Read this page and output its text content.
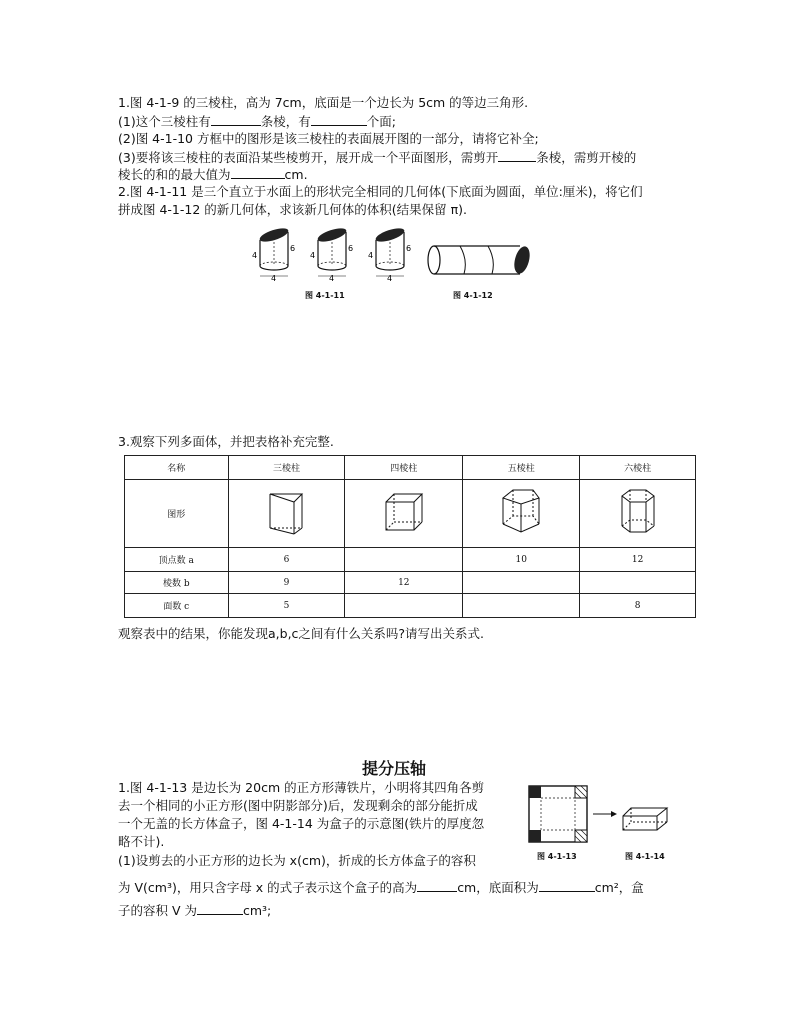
1.图 4-1-9 的三棱柱，高为 7cm，底面是一个边长为 5cm 的等边三角形.
(1)这个三棱柱有	条棱，有	个面;
(2)图 4-1-10 方框中的图形是该三棱柱的表面展开图的一部分，请将它补全;
(3)要将该三棱柱的表面沿某些棱剪开，展开成一个平面图形，需剪开	条棱，需剪开棱的
棱长的和的最大值为	cm.
2.图 4-1-11 是三个直立于水面上的形状完全相同的几何体(下底面为圆面，单位:厘米)，将它们
拼成图 4-1-12 的新几何体，求该新几何体的体积(结果保留 π).
4
6
4
4
6
4
4
6
4
图 4-1-11	图 4-1-12
3.观察下列多面体，并把表格补充完整.
名称	三棱柱	四棱柱	五棱柱	六棱柱
图形				
顶点数 a	6		10	12
棱数 b	9	12		
面数 c	5			8
观察表中的结果，你能发现a,b,c之间有什么关系吗?请写出关系式.
提分压轴
1.图 4-1-13 是边长为 20cm 的正方形薄铁片，小明将其四角各剪
去一个相同的小正方形(图中阴影部分)后，发现剩余的部分能折成
一个无盖的长方体盒子，图 4-1-14 为盒子的示意图(铁片的厚度忽
略不计).
(1)设剪去的小正方形的边长为 x(cm)，折成的长方体盒子的容积
为 V(cm³)，用只含字母 x 的式子表示这个盒子的高为	cm，底面积为	cm²，盒
子的容积 V 为	cm³;
图 4-1-13	图 4-1-14
